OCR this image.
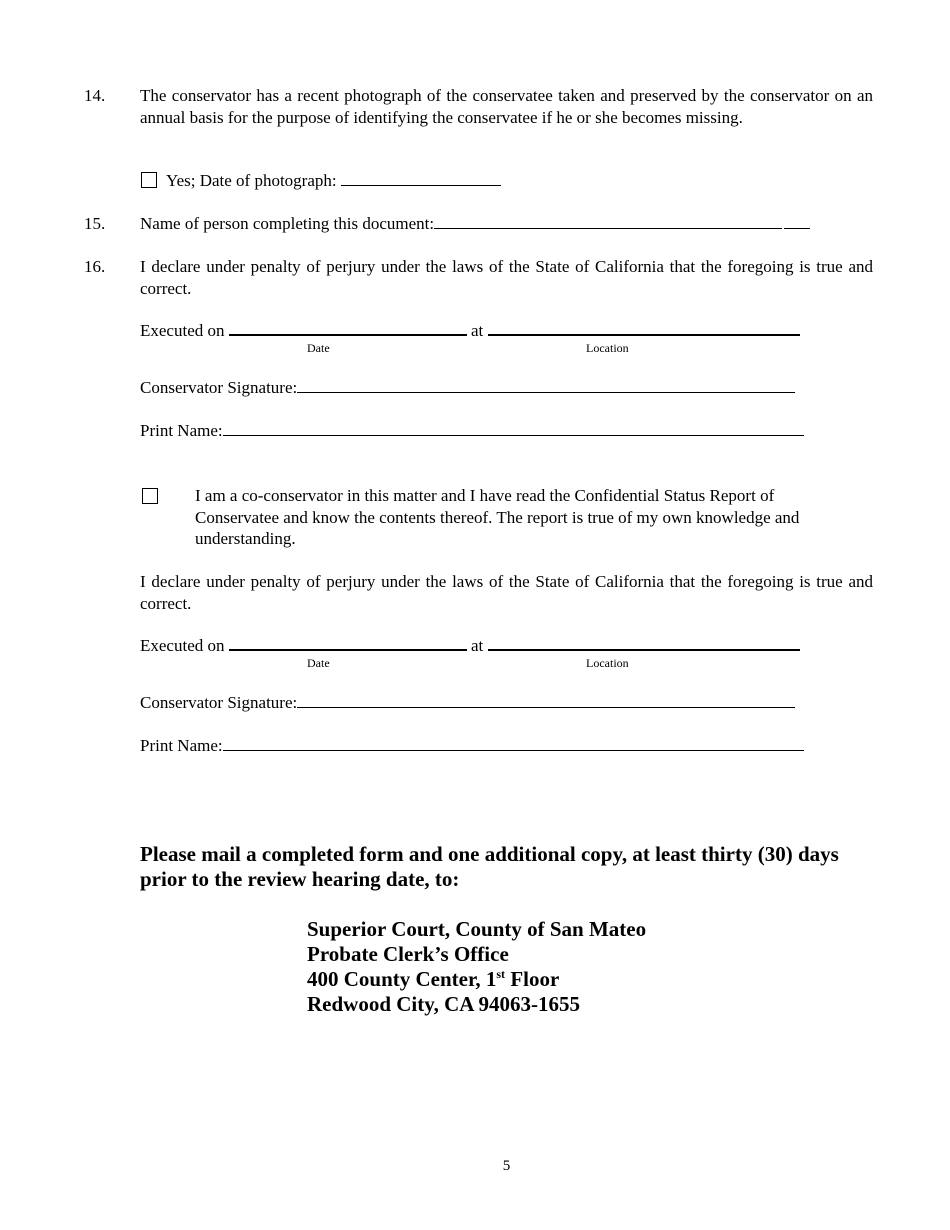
14. The conservator has a recent photograph of the conservatee taken and preserved by the conservator on an annual basis for the purpose of identifying the conservatee if he or she becomes missing.
Yes; Date of photograph:
15. Name of person completing this document:
16. I declare under penalty of perjury under the laws of the State of California that the foregoing is true and correct.
Executed on	at
Date	Location
Conservator Signature:
Print Name:
I am a co-conservator in this matter and I have read the Confidential Status Report of Conservatee and know the contents thereof. The report is true of my own knowledge and understanding.
I declare under penalty of perjury under the laws of the State of California that the foregoing is true and correct.
Executed on	at
Date	Location
Conservator Signature:
Print Name:
Please mail a completed form and one additional copy, at least thirty (30) days prior to the review hearing date, to:
Superior Court, County of San Mateo
Probate Clerk’s Office
400 County Center, 1st Floor
Redwood City, CA 94063-1655
5
